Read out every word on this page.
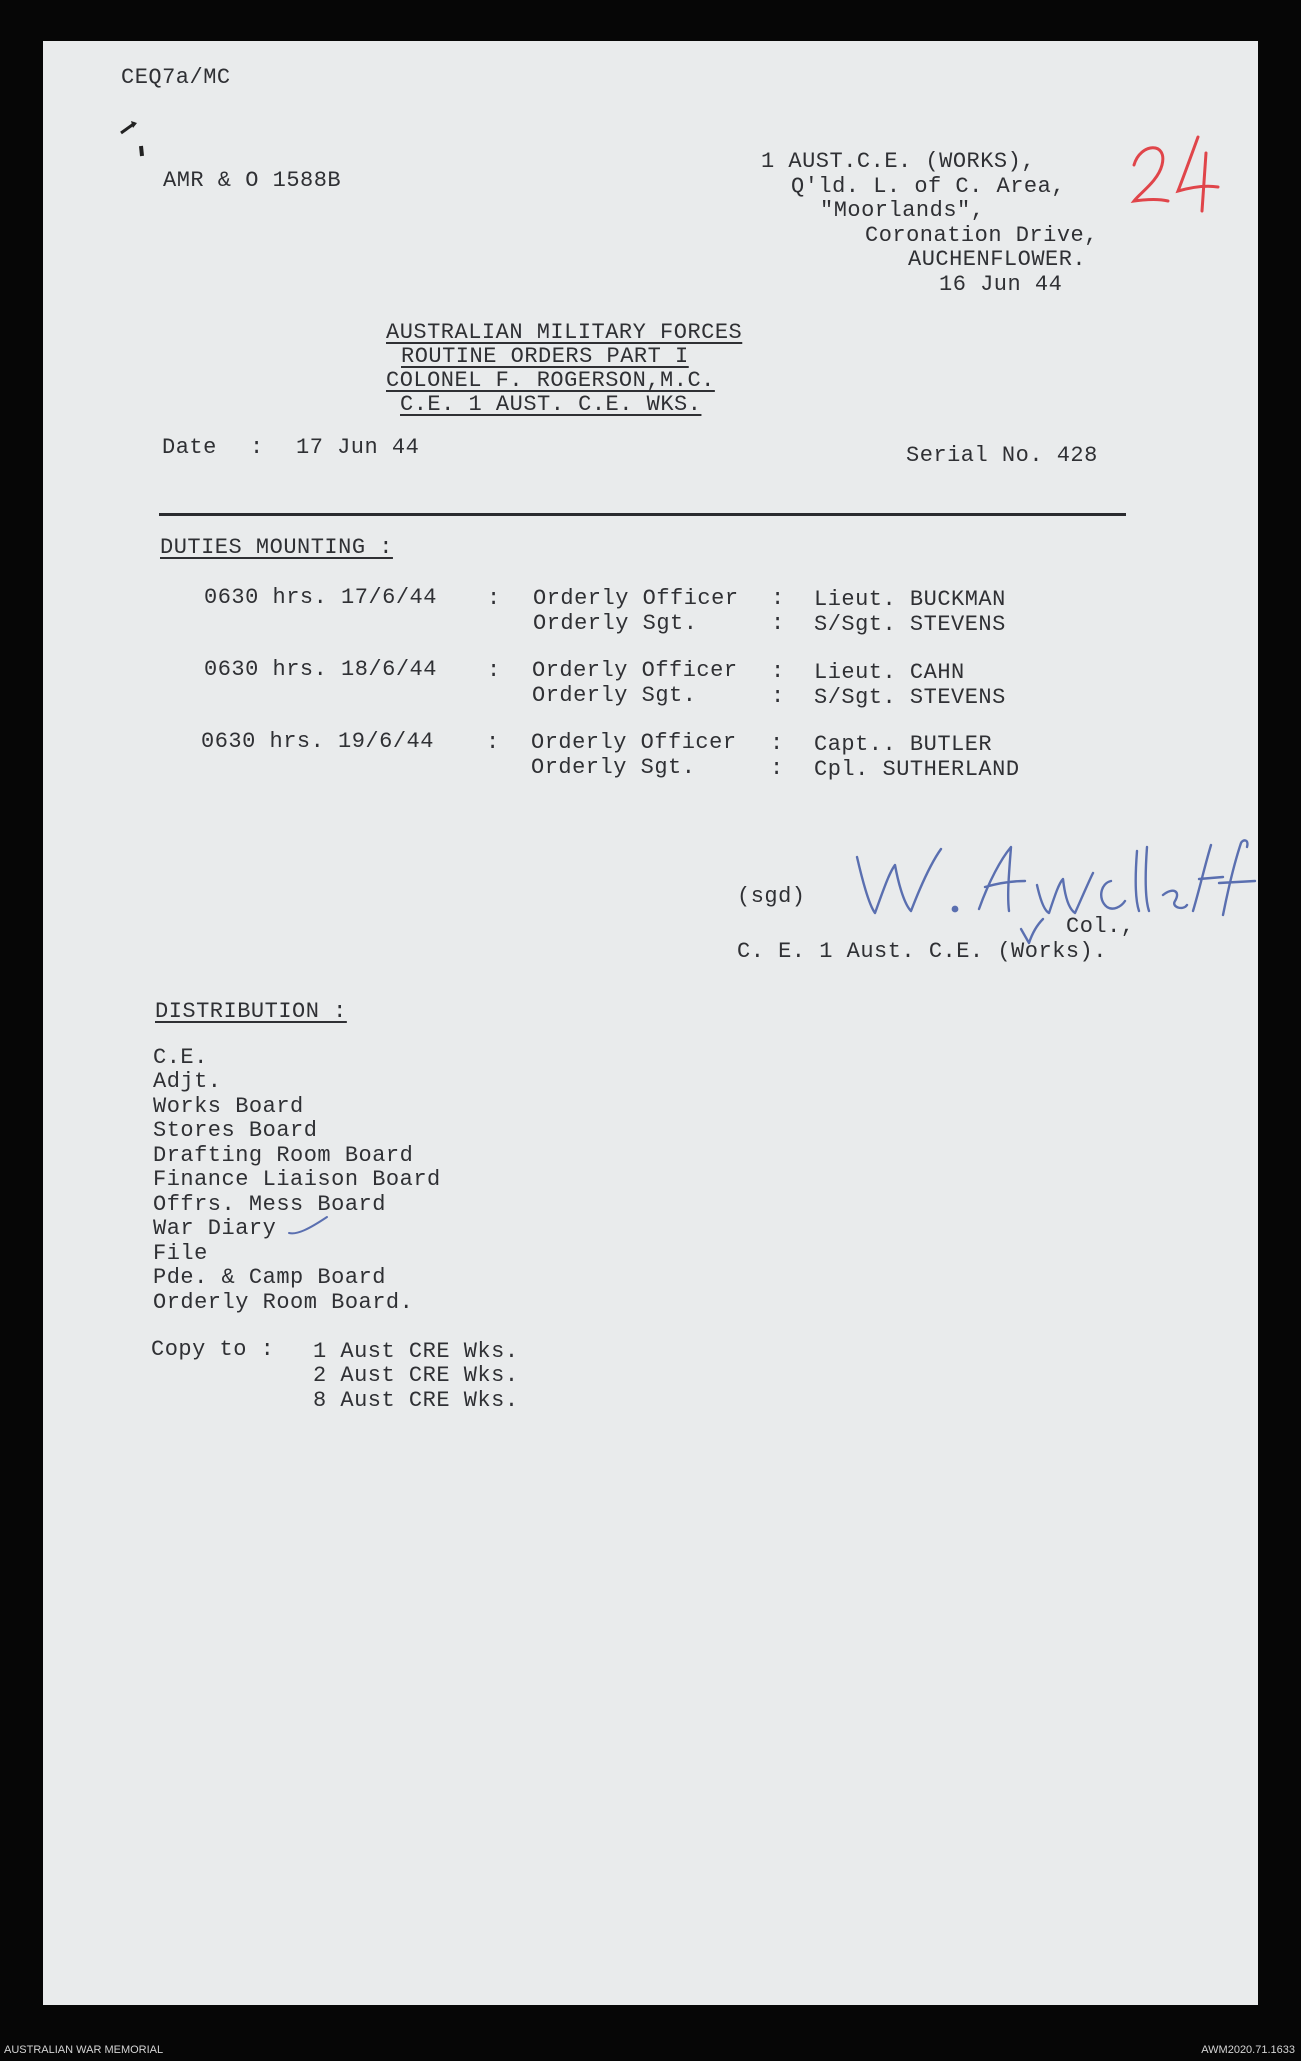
CEQ7a/MC
AMR & O 1588B
1 AUST.C.E. (WORKS),
Q'ld. L. of C. Area,
"Moorlands",
Coronation Drive,
AUCHENFLOWER.
16 Jun 44
AUSTRALIAN MILITARY FORCES
ROUTINE ORDERS PART I
COLONEL F. ROGERSON,M.C.
C.E. 1 AUST. C.E. WKS.
Date : 17 Jun 44	Serial No. 428
DUTIES MOUNTING :
0630 hrs. 17/6/44 : Orderly Officer : Lieut. BUCKMAN
Orderly Sgt.	: S/Sgt. STEVENS
0630 hrs. 18/6/44 : Orderly Officer : Lieut. CAHN
Orderly Sgt.	: S/Sgt. STEVENS
0630 hrs. 19/6/44 : Orderly Officer : Capt.. BUTLER
Orderly Sgt.	: Cpl. SUTHERLAND
(sgd)
Col.,
C. E. 1 Aust. C.E. (Works).
DISTRIBUTION :
C.E.
Adjt.
Works Board
Stores Board
Drafting Room Board
Finance Liaison Board
Offrs. Mess Board
War Diary
File
Pde. & Camp Board
Orderly Room Board.
Copy to : 1 Aust CRE Wks.
2 Aust CRE Wks.
8 Aust CRE Wks.
AUSTRALIAN WAR MEMORIAL	AWM2020.71.1633
